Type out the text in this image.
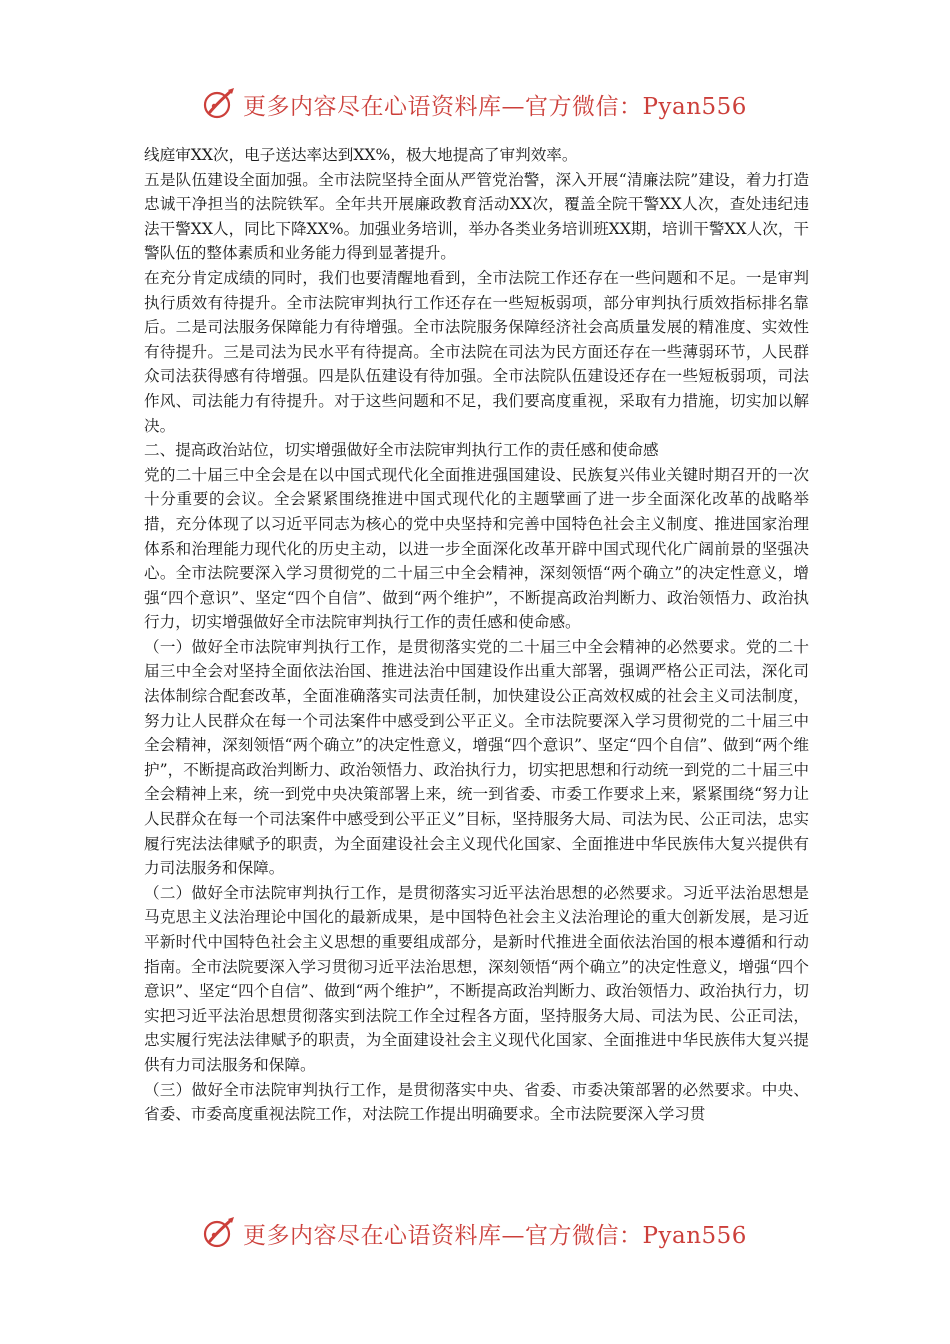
更多内容尽在心语资料库—官方微信：Pyan556

线庭审XX次，电子送达率达到XX%，极大地提高了审判效率。

五是队伍建设全面加强。全市法院坚持全面从严管党治警，深入开展“清廉法院”建设，着力打造忠诚干净担当的法院铁军。全年共开展廉政教育活动XX次，覆盖全院干警XX人次，查处违纪违法干警XX人，同比下降XX%。加强业务培训，举办各类业务培训班XX期，培训干警XX人次，干警队伍的整体素质和业务能力得到显著提升。

在充分肯定成绩的同时，我们也要清醒地看到，全市法院工作还存在一些问题和不足。一是审判执行质效有待提升。全市法院审判执行工作还存在一些短板弱项，部分审判执行质效指标排名靠后。二是司法服务保障能力有待增强。全市法院服务保障经济社会高质量发展的精准度、实效性有待提升。三是司法为民水平有待提高。全市法院在司法为民方面还存在一些薄弱环节，人民群众司法获得感有待增强。四是队伍建设有待加强。全市法院队伍建设还存在一些短板弱项，司法作风、司法能力有待提升。对于这些问题和不足，我们要高度重视，采取有力措施，切实加以解决。

二、提高政治站位，切实增强做好全市法院审判执行工作的责任感和使命感

党的二十届三中全会是在以中国式现代化全面推进强国建设、民族复兴伟业关键时期召开的一次十分重要的会议。全会紧紧围绕推进中国式现代化的主题擘画了进一步全面深化改革的战略举措，充分体现了以习近平同志为核心的党中央坚持和完善中国特色社会主义制度、推进国家治理体系和治理能力现代化的历史主动，以进一步全面深化改革开辟中国式现代化广阔前景的坚强决心。全市法院要深入学习贯彻党的二十届三中全会精神，深刻领悟“两个确立”的决定性意义，增强“四个意识”、坚定“四个自信”、做到“两个维护”，不断提高政治判断力、政治领悟力、政治执行力，切实增强做好全市法院审判执行工作的责任感和使命感。

（一）做好全市法院审判执行工作，是贯彻落实党的二十届三中全会精神的必然要求。党的二十届三中全会对坚持全面依法治国、推进法治中国建设作出重大部署，强调严格公正司法，深化司法体制综合配套改革，全面准确落实司法责任制，加快建设公正高效权威的社会主义司法制度，努力让人民群众在每一个司法案件中感受到公平正义。全市法院要深入学习贯彻党的二十届三中全会精神，深刻领悟“两个确立”的决定性意义，增强“四个意识”、坚定“四个自信”、做到“两个维护”，不断提高政治判断力、政治领悟力、政治执行力，切实把思想和行动统一到党的二十届三中全会精神上来，统一到党中央决策部署上来，统一到省委、市委工作要求上来，紧紧围绕“努力让人民群众在每一个司法案件中感受到公平正义”目标，坚持服务大局、司法为民、公正司法，忠实履行宪法法律赋予的职责，为全面建设社会主义现代化国家、全面推进中华民族伟大复兴提供有力司法服务和保障。

（二）做好全市法院审判执行工作，是贯彻落实习近平法治思想的必然要求。习近平法治思想是马克思主义法治理论中国化的最新成果，是中国特色社会主义法治理论的重大创新发展，是习近平新时代中国特色社会主义思想的重要组成部分，是新时代推进全面依法治国的根本遵循和行动指南。全市法院要深入学习贯彻习近平法治思想，深刻领悟“两个确立”的决定性意义，增强“四个意识”、坚定“四个自信”、做到“两个维护”，不断提高政治判断力、政治领悟力、政治执行力，切实把习近平法治思想贯彻落实到法院工作全过程各方面，坚持服务大局、司法为民、公正司法，忠实履行宪法法律赋予的职责，为全面建设社会主义现代化国家、全面推进中华民族伟大复兴提供有力司法服务和保障。

（三）做好全市法院审判执行工作，是贯彻落实中央、省委、市委决策部署的必然要求。中央、省委、市委高度重视法院工作，对法院工作提出明确要求。全市法院要深入学习贯

更多内容尽在心语资料库—官方微信：Pyan556
